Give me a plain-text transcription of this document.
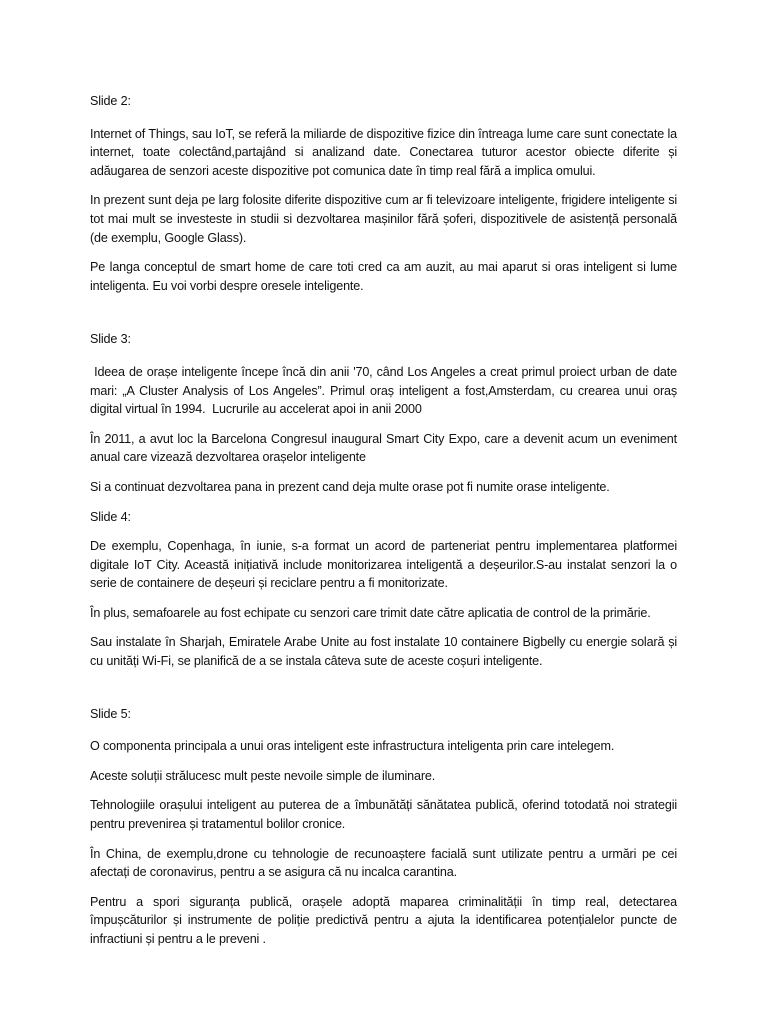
Slide 2:

Internet of Things, sau IoT, se referă la miliarde de dispozitive fizice din întreaga lume care sunt conectate la internet, toate colectând,partajând si analizand date. Conectarea tuturor acestor obiecte diferite și adăugarea de senzori aceste dispozitive pot comunica date în timp real fără a implica omului.

In prezent sunt deja pe larg folosite diferite dispozitive cum ar fi televizoare inteligente, frigidere inteligente si tot mai mult se investeste in studii si dezvoltarea mașinilor fără șoferi, dispozitivele de asistență personală (de exemplu, Google Glass).

Pe langa conceptul de smart home de care toti cred ca am auzit, au mai aparut si oras inteligent si lume inteligenta. Eu voi vorbi despre oresele inteligente.

Slide 3:

Ideea de orașe inteligente începe încă din anii '70, când Los Angeles a creat primul proiect urban de date mari: „A Cluster Analysis of Los Angeles”. Primul oraș inteligent a fost,Amsterdam, cu crearea unui oraș digital virtual în 1994.  Lucrurile au accelerat apoi in anii 2000

În 2011, a avut loc la Barcelona Congresul inaugural Smart City Expo, care a devenit acum un eveniment anual care vizează dezvoltarea orașelor inteligente

Si a continuat dezvoltarea pana in prezent cand deja multe orase pot fi numite orase inteligente.

Slide 4:

De exemplu, Copenhaga, în iunie, s-a format un acord de parteneriat pentru implementarea platformei digitale IoT City. Această inițiativă include monitorizarea inteligentă a deșeurilor.S-au instalat senzori la o serie de containere de deșeuri și reciclare pentru a fi monitorizate.

În plus, semafoarele au fost echipate cu senzori care trimit date către aplicatia de control de la primărie.

Sau instalate în Sharjah, Emiratele Arabe Unite au fost instalate 10 containere Bigbelly cu energie solară și cu unități Wi-Fi, se planifică de a se instala câteva sute de aceste coșuri inteligente.

Slide 5:

O componenta principala a unui oras inteligent este infrastructura inteligenta prin care intelegem.

Aceste soluții strălucesc mult peste nevoile simple de iluminare.

Tehnologiile orașului inteligent au puterea de a îmbunătăți sănătatea publică, oferind totodată noi strategii pentru prevenirea și tratamentul bolilor cronice.

În China, de exemplu,drone cu tehnologie de recunoaștere facială sunt utilizate pentru a urmări pe cei afectați de coronavirus, pentru a se asigura că nu incalca carantina.

Pentru a spori siguranța publică, orașele adoptă maparea criminalității în timp real, detectarea împușcăturilor și instrumente de poliție predictivă pentru a ajuta la identificarea potențialelor puncte de infractiuni și pentru a le preveni .
